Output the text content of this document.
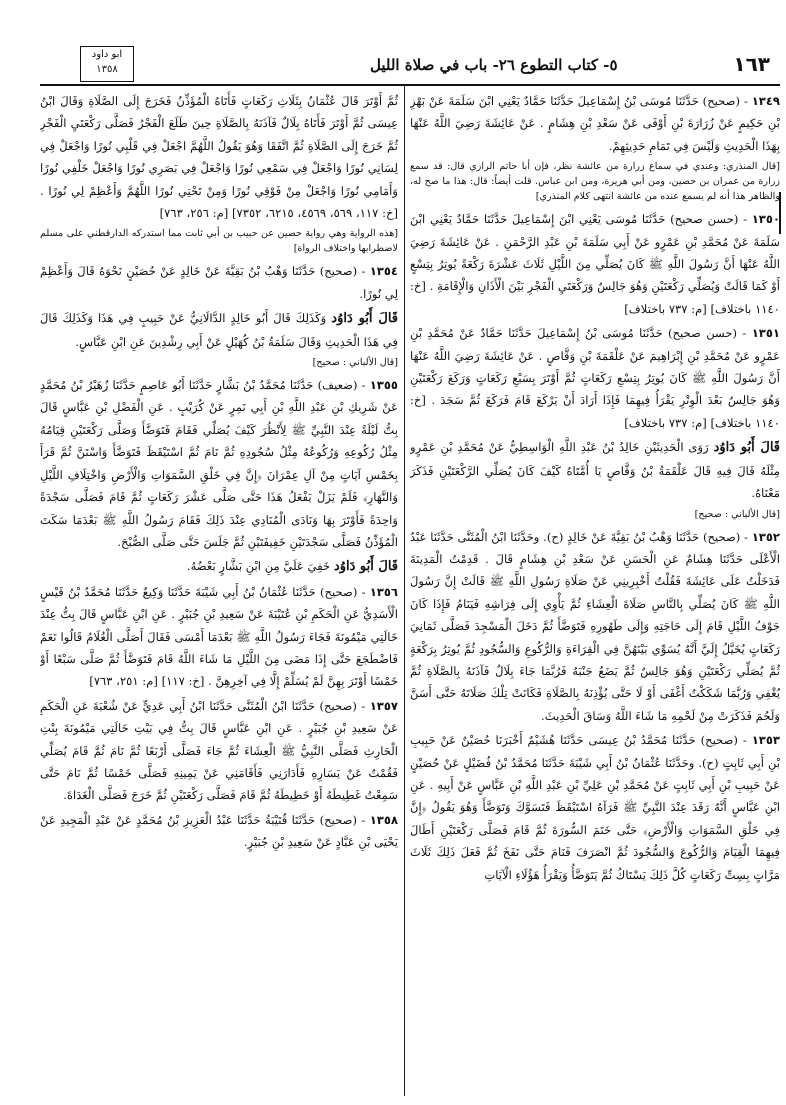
١٦٣
٥- كتاب التطوع ٢٦- باب في صلاة الليل
ابو داود
١٣٥٨
١٣٤٩ - (صحيح) حَدَّثَنَا مُوسَى بْنُ إِسْمَاعِيلَ حَدَّثَنَا حَمَّادٌ يَعْنِي ابْنَ سَلَمَةَ عَنْ بَهْزِ بْنِ حَكِيمٍ عَنْ زُرَارَةَ بْنِ أَوْفَى عَنْ سَعْدِ بْنِ هِشَامٍ . عَنْ عَائِشَةَ رَضِيَ اللَّهُ عَنْهَا بِهَذَا الْحَدِيثِ وَلَيْسَ فِي تَمَامِ حَدِيثِهِمْ.
[قال المنذري: وعندي في سماع زرارة من عائشة نظر، فإن أبا حاتم الرازي قال: قد سمع زرارة من عمران بن حصين، ومن أبي هريرة، ومن ابن عباس. قلت أيضاً: قال: هذا ما صح له، والظاهر هذا أنه لم يسمع عنده من عائشة انتهى كلام المنذري]
١٣٥٠ - (حسن صحيح) حَدَّثَنَا مُوسَى يَعْنِي ابْنَ إِسْمَاعِيلَ حَدَّثَنَا حَمَّادٌ يَعْنِي ابْنَ سَلَمَةَ عَنْ مُحَمَّدِ بْنِ عَمْرٍو عَنْ أَبِي سَلَمَةَ بْنِ عَبْدِ الرَّحْمَنِ . عَنْ عَائِشَةَ رَضِيَ اللَّهُ عَنْهَا أَنَّ رَسُولَ اللَّهِ ﷺ كَانَ يُصَلِّي مِنَ اللَّيْلِ ثَلَاثَ عَشْرَةَ رَكْعَةً يُوتِرُ بِتِسْعٍ أَوْ كَمَا قَالَتْ وَيُصَلِّي رَكْعَتَيْنِ وَهُوَ جَالِسٌ وَرَكْعَتَيِ الْفَجْرِ بَيْنَ الْأَذَانِ وَالْإِقَامَةِ . [خ: ١١٤٠ باختلاف] [م: ٧٣٧ باختلاف]
١٣٥١ - (حسن صحيح) حَدَّثَنَا مُوسَى بْنُ إِسْمَاعِيلَ حَدَّثَنَا حَمَّادٌ عَنْ مُحَمَّدِ بْنِ عَمْرٍو عَنْ مُحَمَّدِ بْنِ إِبْرَاهِيمَ عَنْ عَلْقَمَةَ بْنِ وَقَّاصٍ . عَنْ عَائِشَةَ رَضِيَ اللَّهُ عَنْهَا أَنَّ رَسُولَ اللَّهِ ﷺ كَانَ يُوتِرُ بِتِسْعِ رَكَعَاتٍ ثُمَّ أَوْتَرَ بِسَبْعِ رَكَعَاتٍ وَرَكَعَ رَكْعَتَيْنِ وَهُوَ جَالِسٌ بَعْدَ الْوِتْرِ يَقْرَأُ فِيهِمَا فَإِذَا أَرَادَ أَنْ يَرْكَعَ قَامَ فَرَكَعَ ثُمَّ سَجَدَ . [خ: ١١٤٠ باختلاف] [م: ٧٣٧ باختلاف]
قَالَ أَبُو دَاوُد رَوَى الْحَدِيثَيْنِ خَالِدُ بْنُ عَبْدِ اللَّهِ الْوَاسِطِيُّ عَنْ مُحَمَّدِ بْنِ عَمْرٍو مِثْلَهُ قَالَ فِيهِ قَالَ عَلْقَمَةُ بْنُ وَقَّاصٍ يَا أُمَّتَاهُ كَيْفَ كَانَ يُصَلِّي الرَّكْعَتَيْنِ فَذَكَرَ مَعْنَاهُ.
[قال الألباني : صحيح]
١٣٥٢ - (صحيح) حَدَّثَنَا وَهْبُ بْنُ بَقِيَّةَ عَنْ خَالِدٍ (ح). وحَدَّثَنَا ابْنُ الْمُثَنَّى حَدَّثَنَا عَبْدُ الْأَعْلَى حَدَّثَنَا هِشَامٌ عَنِ الْحَسَنِ عَنْ سَعْدِ بْنِ هِشَامٍ قَالَ . قَدِمْتُ الْمَدِينَةَ فَدَخَلْتُ عَلَى عَائِشَةَ فَقُلْتُ أَخْبِرِينِي عَنْ صَلَاةِ رَسُولِ اللَّهِ ﷺ قَالَتْ إِنَّ رَسُولَ اللَّهِ ﷺ كَانَ يُصَلِّي بِالنَّاسِ صَلَاةَ الْعِشَاءِ ثُمَّ يَأْوِي إِلَى فِرَاشِهِ فَيَنَامُ فَإِذَا كَانَ جَوْفُ اللَّيْلِ قَامَ إِلَى حَاجَتِهِ وَإِلَى طَهُورِهِ فَتَوَضَّأَ ثُمَّ دَخَلَ الْمَسْجِدَ فَصَلَّى ثَمَانِيَ رَكَعَاتٍ يُخَيَّلُ إِلَيَّ أَنَّهُ يُسَوِّي بَيْنَهُنَّ فِي الْقِرَاءَةِ وَالرُّكُوعِ وَالسُّجُودِ ثُمَّ يُوتِرُ بِرَكْعَةٍ ثُمَّ يُصَلِّي رَكْعَتَيْنِ وَهُوَ جَالِسٌ ثُمَّ يَضَعُ جَنْبَهُ فَرُبَّمَا جَاءَ بِلَالٌ فَآذَنَهُ بِالصَّلَاةِ ثُمَّ يُغْفِي وَرُبَّمَا شَكَكْتُ أَغْفَى أَوْ لَا حَتَّى يُؤْذِنَهُ بِالصَّلَاةِ فَكَانَتْ تِلْكَ صَلَاتَهُ حَتَّى أَسَنَّ وَلَحُمَ فَذَكَرَتْ مِنْ لَحْمِهِ مَا شَاءَ اللَّهُ وَسَاقَ الْحَدِيثَ.
١٣٥٣ - (صحيح) حَدَّثَنَا مُحَمَّدُ بْنُ عِيسَى حَدَّثَنَا هُشَيْمٌ أَخْبَرَنَا حُصَيْنٌ عَنْ حَبِيبِ بْنِ أَبِي ثَابِتٍ (ح). وحَدَّثَنَا عُثْمَانُ بْنُ أَبِي شَيْبَةَ حَدَّثَنَا مُحَمَّدُ بْنُ فُضَيْلٍ عَنْ حُصَيْنٍ عَنْ حَبِيبِ بْنِ أَبِي ثَابِتٍ عَنْ مُحَمَّدِ بْنِ عَلِيِّ بْنِ عَبْدِ اللَّهِ بْنِ عَبَّاسٍ عَنْ أَبِيهِ . عَنِ ابْنِ عَبَّاسٍ أَنَّهُ رَقَدَ عِنْدَ النَّبِيِّ ﷺ فَرَآهُ اسْتَيْقَظَ فَتَسَوَّكَ وَتَوَضَّأَ وَهُوَ يَقُولُ ﴿إِنَّ فِي خَلْقِ السَّمَوَاتِ وَالْأَرْضِ﴾ حَتَّى خَتَمَ السُّورَةَ ثُمَّ قَامَ فَصَلَّى رَكْعَتَيْنِ أَطَالَ فِيهِمَا الْقِيَامَ وَالرُّكُوعَ وَالسُّجُودَ ثُمَّ انْصَرَفَ فَنَامَ حَتَّى نَفَخَ ثُمَّ فَعَلَ ذَلِكَ ثَلَاثَ مَرَّاتٍ بِسِتِّ رَكَعَاتٍ كُلَّ ذَلِكَ يَسْتَاكُ ثُمَّ يَتَوَضَّأُ وَيَقْرَأُ هَؤُلَاءِ الْآيَاتِ
ثُمَّ أَوْتَرَ قَالَ عُثْمَانُ بِثَلَاثِ رَكَعَاتٍ فَأَتَاهُ الْمُؤَذِّنُ فَخَرَجَ إِلَى الصَّلَاةِ وَقَالَ ابْنُ عِيسَى ثُمَّ أَوْتَرَ فَأَتَاهُ بِلَالٌ فَآذَنَهُ بِالصَّلَاةِ حِينَ طَلَعَ الْفَجْرُ فَصَلَّى رَكْعَتَيِ الْفَجْرِ ثُمَّ خَرَجَ إِلَى الصَّلَاةِ ثُمَّ اتَّفَقَا وَهُوَ يَقُولُ اللَّهُمَّ اجْعَلْ فِي قَلْبِي نُورًا وَاجْعَلْ فِي لِسَانِي نُورًا وَاجْعَلْ فِي سَمْعِي نُورًا وَاجْعَلْ فِي بَصَرِي نُورًا وَاجْعَلْ خَلْفِي نُورًا وَأَمَامِي نُورًا وَاجْعَلْ مِنْ فَوْقِي نُورًا وَمِنْ تَحْتِي نُورًا اللَّهُمَّ وَأَعْظِمْ لِي نُورًا . [خ: ١١٧، ٥٦٩، ٤٥٦٩، ٦٢١٥، ٧٣٥٢] [م: ٢٥٦، ٧٦٣]
[هذه الرواية وهي رواية حصين عن حبيب بن أبي ثابت مما استدركه الدارقطني على مسلم لاضطرابها واختلاف الرواة]
١٣٥٤ - (صحيح) حَدَّثَنَا وَهْبُ بْنُ بَقِيَّةَ عَنْ خَالِدٍ عَنْ حُصَيْنٍ نَحْوَهُ قَالَ وَأَعْظِمْ لِي نُورًا.
قَالَ أَبُو دَاوُد وَكَذَلِكَ قَالَ أَبُو خَالِدٍ الدَّالَانِيُّ عَنْ حَبِيبٍ فِي هَذَا وَكَذَلِكَ قَالَ فِي هَذَا الْحَدِيثِ وَقَالَ سَلَمَةُ بْنُ كُهَيْلٍ عَنْ أَبِي رِشْدِينَ عَنِ ابْنِ عَبَّاسٍ.
[قال الألباني : صحيح]
١٣٥٥ - (ضعيف) حَدَّثَنَا مُحَمَّدُ بْنُ بَشَّارٍ حَدَّثَنَا أَبُو عَاصِمٍ حَدَّثَنَا زُهَيْرُ بْنُ مُحَمَّدٍ عَنْ شَرِيكِ بْنِ عَبْدِ اللَّهِ بْنِ أَبِي نَمِرٍ عَنْ كُرَيْبٍ . عَنِ الْفَضْلِ بْنِ عَبَّاسٍ قَالَ بِتُّ لَيْلَةً عِنْدَ النَّبِيِّ ﷺ لِأَنْظُرَ كَيْفَ يُصَلِّي فَقَامَ فَتَوَضَّأَ وَصَلَّى رَكْعَتَيْنِ قِيَامُهُ مِثْلُ رُكُوعِهِ وَرُكُوعُهُ مِثْلُ سُجُودِهِ ثُمَّ نَامَ ثُمَّ اسْتَيْقَظَ فَتَوَضَّأَ وَاسْتَنَّ ثُمَّ قَرَأَ بِخَمْسِ آيَاتٍ مِنْ آلِ عِمْرَانَ ﴿إِنَّ فِي خَلْقِ السَّمَوَاتِ وَالْأَرْضِ وَاخْتِلَافِ اللَّيْلِ وَالنَّهَارِ﴾ فَلَمْ يَزَلْ يَفْعَلُ هَذَا حَتَّى صَلَّى عَشْرَ رَكَعَاتٍ ثُمَّ قَامَ فَصَلَّى سَجْدَةً وَاحِدَةً فَأَوْتَرَ بِهَا وَنَادَى الْمُنَادِي عِنْدَ ذَلِكَ فَقَامَ رَسُولُ اللَّهِ ﷺ بَعْدَمَا سَكَتَ الْمُؤَذِّنُ فَصَلَّى سَجْدَتَيْنِ خَفِيفَتَيْنِ ثُمَّ جَلَسَ حَتَّى صَلَّى الصُّبْحَ.
قَالَ أَبُو دَاوُد خَفِيَ عَلَيَّ مِنِ ابْنِ بَشَّارٍ بَعْضُهُ.
١٣٥٦ - (صحيح) حَدَّثَنَا عُثْمَانُ بْنُ أَبِي شَيْبَةَ حَدَّثَنَا وَكِيعٌ حَدَّثَنَا مُحَمَّدُ بْنُ قَيْسٍ الْأَسَدِيُّ عَنِ الْحَكَمِ بْنِ عُتَيْبَةَ عَنْ سَعِيدِ بْنِ جُبَيْرٍ . عَنِ ابْنِ عَبَّاسٍ قَالَ بِتُّ عِنْدَ خَالَتِي مَيْمُونَةَ فَجَاءَ رَسُولُ اللَّهِ ﷺ بَعْدَمَا أَمْسَى فَقَالَ أَصَلَّى الْغُلَامُ قَالُوا نَعَمْ فَاضْطَجَعَ حَتَّى إِذَا مَضَى مِنَ اللَّيْلِ مَا شَاءَ اللَّهُ قَامَ فَتَوَضَّأَ ثُمَّ صَلَّى سَبْعًا أَوْ خَمْسًا أَوْتَرَ بِهِنَّ لَمْ يُسَلِّمْ إِلَّا فِي آخِرِهِنَّ . [خ: ١١٧] [م: ٢٥١، ٧٦٣]
١٣٥٧ - (صحيح) حَدَّثَنَا ابْنُ الْمُثَنَّى حَدَّثَنَا ابْنُ أَبِي عَدِيٍّ عَنْ شُعْبَةَ عَنِ الْحَكَمِ عَنْ سَعِيدِ بْنِ جُبَيْرٍ . عَنِ ابْنِ عَبَّاسٍ قَالَ بِتُّ فِي بَيْتِ خَالَتِي مَيْمُونَةَ بِنْتِ الْحَارِثِ فَصَلَّى النَّبِيُّ ﷺ الْعِشَاءَ ثُمَّ جَاءَ فَصَلَّى أَرْبَعًا ثُمَّ نَامَ ثُمَّ قَامَ يُصَلِّي فَقُمْتُ عَنْ يَسَارِهِ فَأَدَارَنِي فَأَقَامَنِي عَنْ يَمِينِهِ فَصَلَّى خَمْسًا ثُمَّ نَامَ حَتَّى سَمِعْتُ غَطِيطَهُ أَوْ خَطِيطَهُ ثُمَّ قَامَ فَصَلَّى رَكْعَتَيْنِ ثُمَّ خَرَجَ فَصَلَّى الْغَدَاةَ.
١٣٥٨ - (صحيح) حَدَّثَنَا قُتَيْبَةُ حَدَّثَنَا عَبْدُ الْعَزِيزِ بْنُ مُحَمَّدٍ عَنْ عَبْدِ الْمَجِيدِ عَنْ يَحْيَى بْنِ عَبَّادٍ عَنْ سَعِيدِ بْنِ جُبَيْرٍ.
